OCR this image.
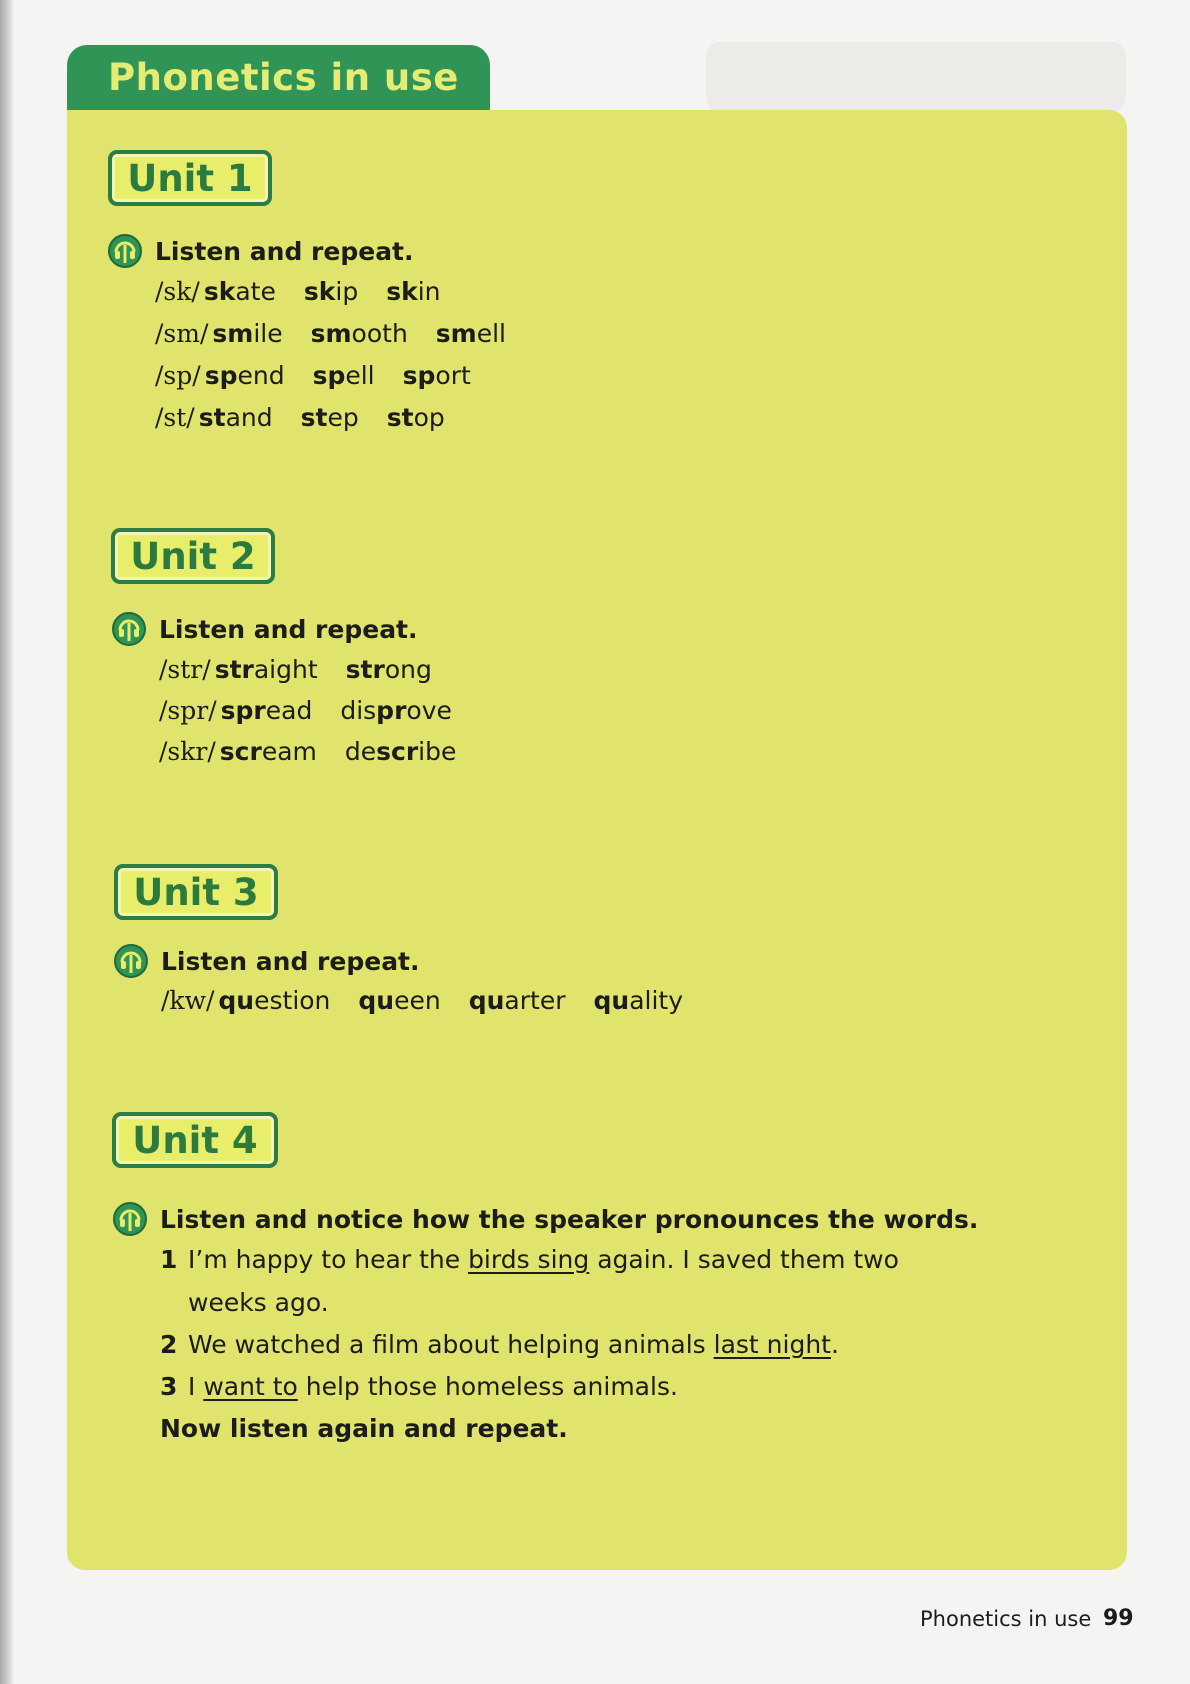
Phonetics in use
Unit 1
Listen and repeat.
/sk/ skate skip skin
/sm/ smile smooth smell
/sp/ spend spell sport
/st/ stand step stop
Unit 2
Listen and repeat.
/str/ straight strong
/spr/ spread disprove
/skr/ scream describe
Unit 3
Listen and repeat.
/kw/ question queen quarter quality
Unit 4
Listen and notice how the speaker pronounces the words.
1 I’m happy to hear the birds sing again. I saved them two
weeks ago.
2 We watched a film about helping animals last night.
3 I want to help those homeless animals.
Now listen again and repeat.
Phonetics in use 99
